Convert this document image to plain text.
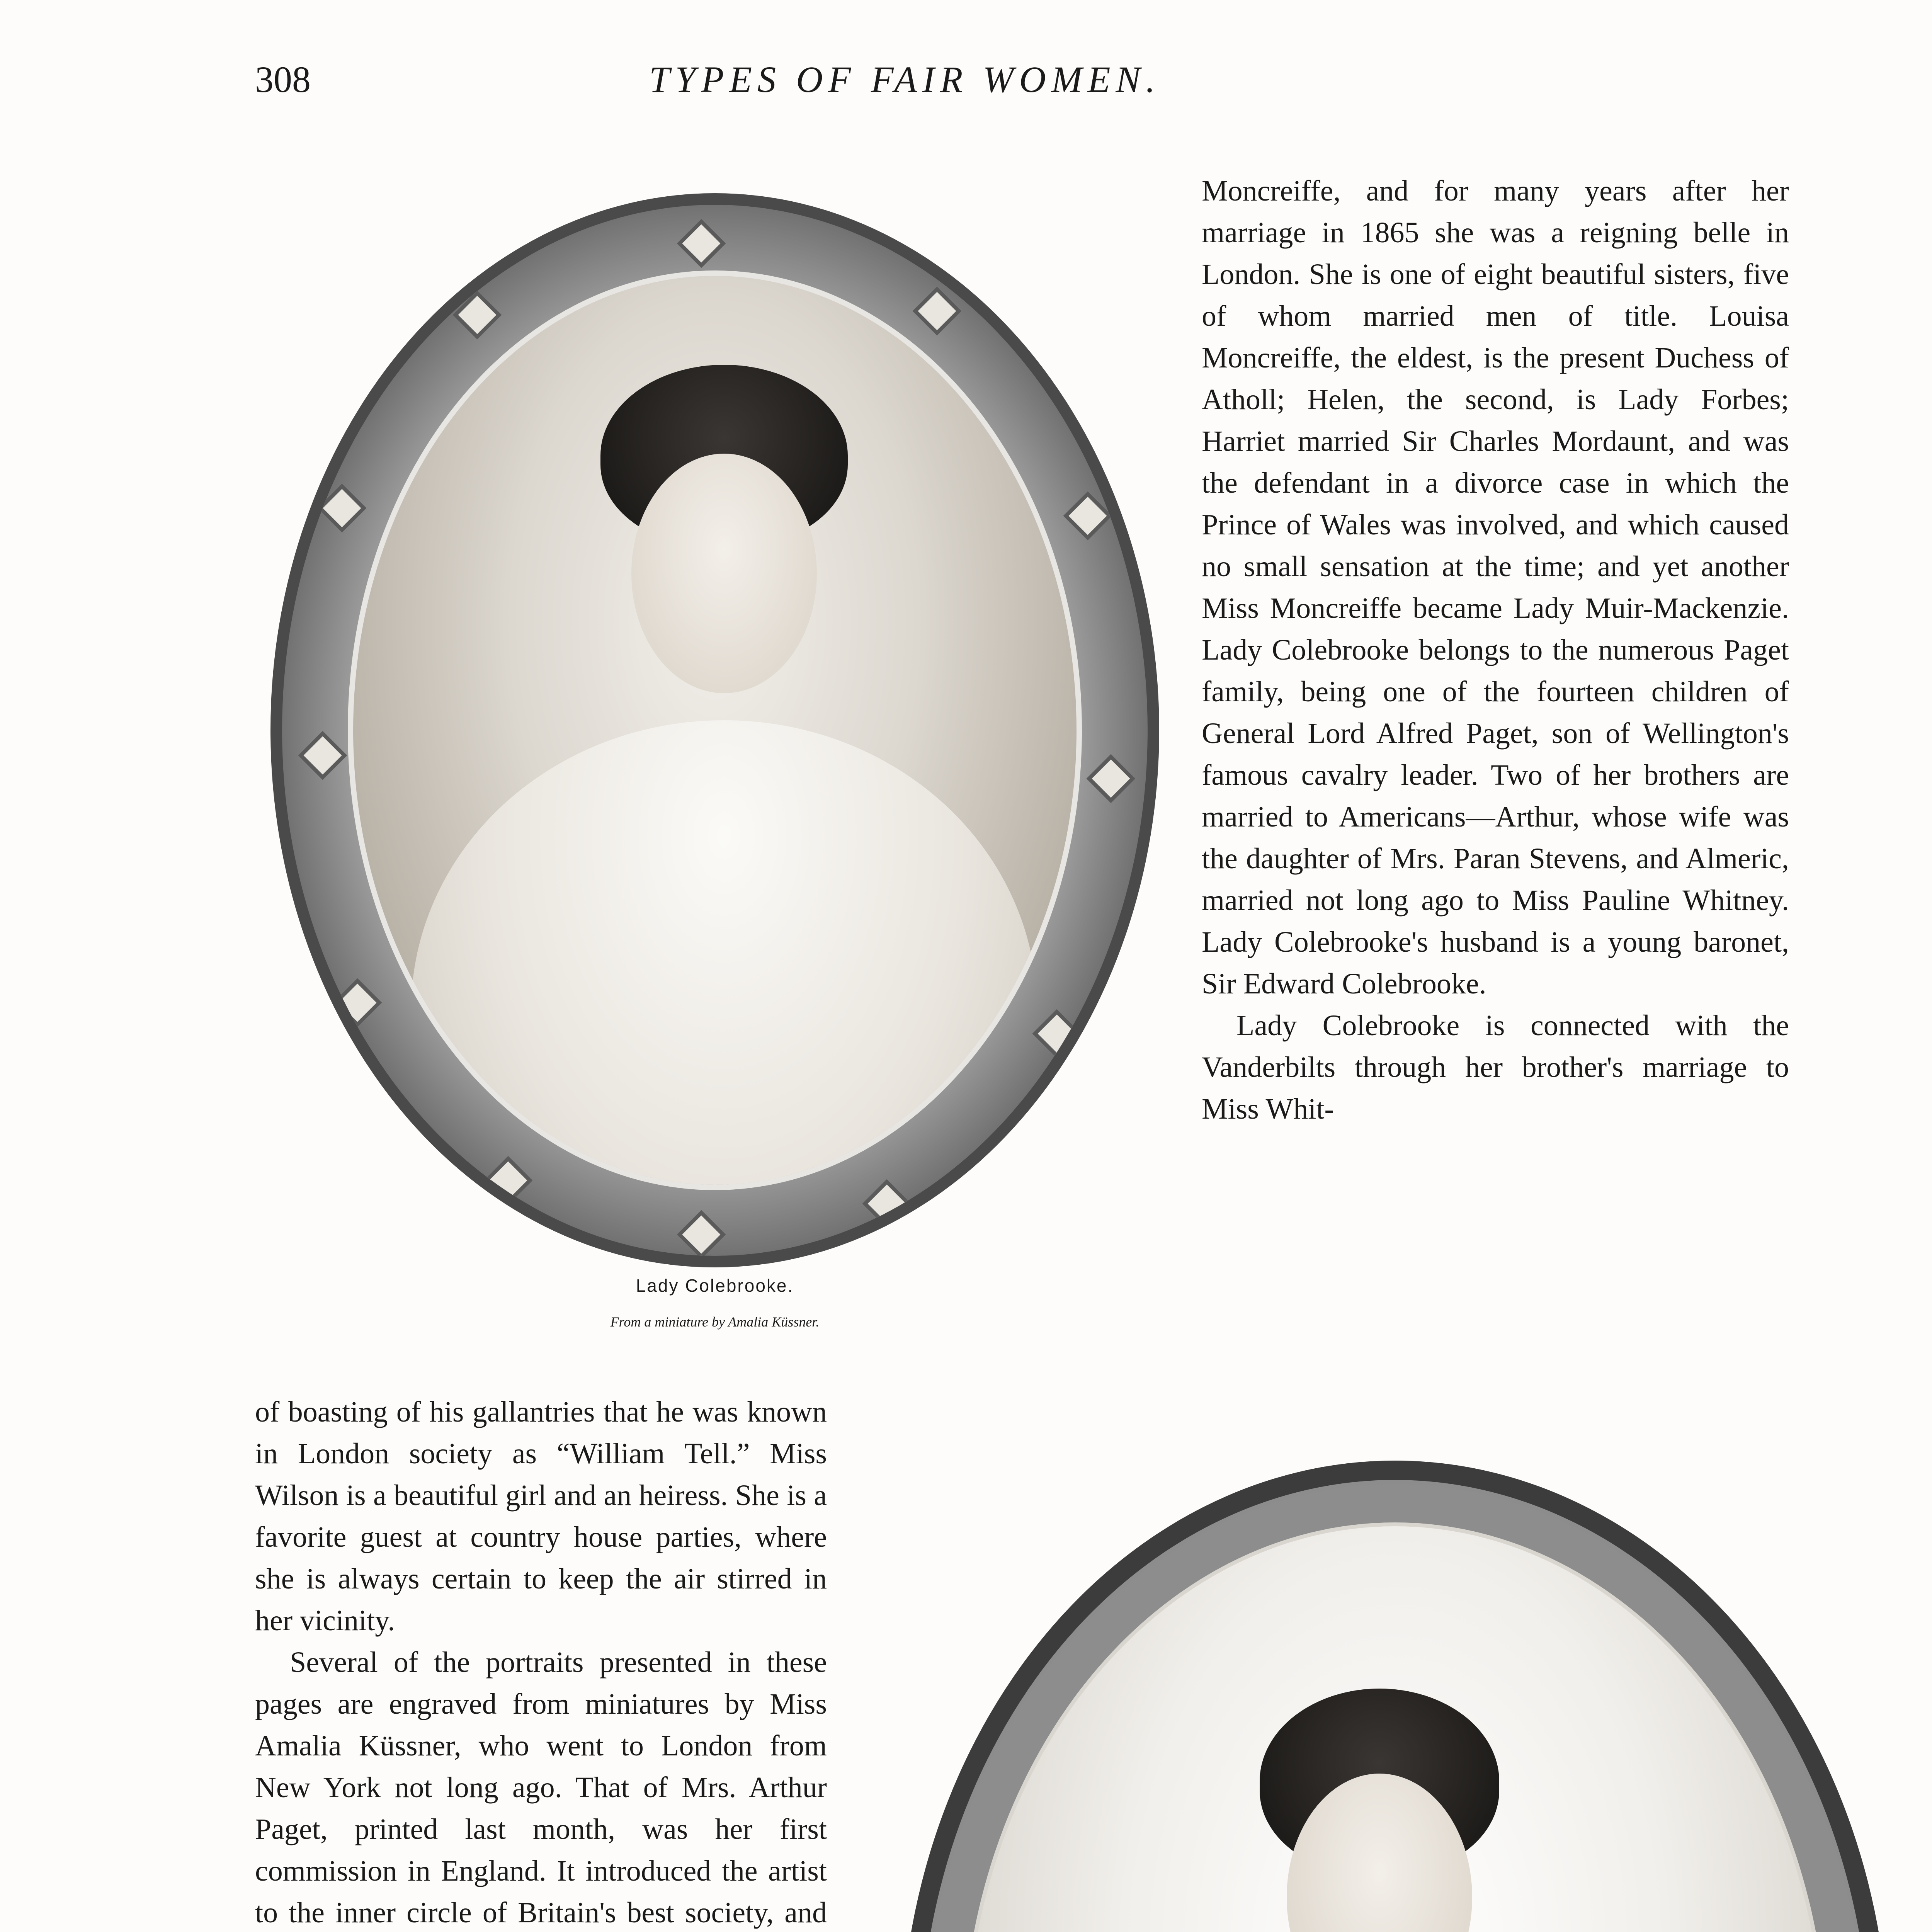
308	TYPES OF FAIR WOMEN.
Lady Colebrooke.
From a miniature by Amalia Küssner.

Moncreiffe, and for many years after her marriage in 1865 she was a reigning belle in London. She is one of eight beautiful sisters, five of whom married men of title. Louisa Moncreiffe, the eldest, is the present Duchess of Atholl; Helen, the second, is Lady Forbes; Harriet married Sir Charles Mordaunt, and was the defendant in a divorce case in which the Prince of Wales was involved, and which caused no small sensation at the time; and yet another Miss Moncreiffe became Lady Muir-Mackenzie. Lady Colebrooke belongs to the numerous Paget family, being one of the fourteen children of General Lord Alfred Paget, son of Wellington's famous cavalry leader. Two of her brothers are married to Americans—Arthur, whose wife was the daughter of Mrs. Paran Stevens, and Almeric, married not long ago to Miss Pauline Whitney. Lady Colebrooke's husband is a young baronet, Sir Edward Colebrooke.

Lady Colebrooke is connected with the Vanderbilts through her brother's marriage to Miss Whit-

of boasting of his gallantries that he was known in London society as “William Tell.” Miss Wilson is a beautiful girl and an heiress. She is a favorite guest at country house parties, where she is always certain to keep the air stirred in her vicinity.

Several of the portraits presented in these pages are engraved from miniatures by Miss Amalia Küssner, who went to London from New York not long ago. That of Mrs. Arthur Paget, printed last month, was her first commission in England. It introduced the artist to the inner circle of Britain's best society, and
